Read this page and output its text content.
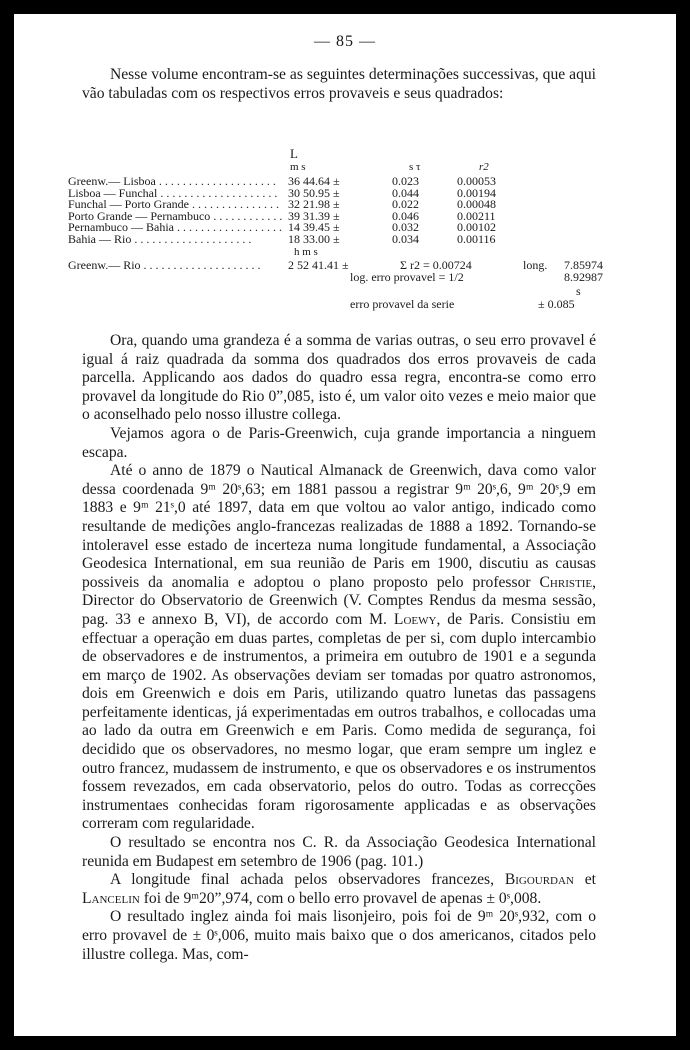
— 85 —

Nesse volume encontram-se as seguintes determinações successivas, que aqui vão tabuladas com os respectivos erros provaveis e seus quadrados:

L
m s	s τ	r2
Greenw.— Lisboa . . .	36 44.64 ±	0.023	0.00053
Lisboa — Funchal . . .	30 50.95 ±	0.044	0.00194
Funchal — Porto Grande . . .	32 21.98 ±	0.022	0.00048
Porto Grande — Pernambuco . . .	39 31.39 ±	0.046	0.00211
Pernambuco — Bahia . . .	14 39.45 ±	0.032	0.00102
Bahia — Rio . . .	18 33.00 ±	0.034	0.00116
h m s
Greenw.— Rio . . .	2 52 41.41 ±	Σ r2 = 0.00724	long. 7.85974
log. erro provavel = 1/2	8.92987
s
erro provavel da serie	± 0.085

Ora, quando uma grandeza é a somma de varias outras, o seu erro provavel é igual á raiz quadrada da somma dos quadrados dos erros provaveis de cada parcella. Applicando aos dados do quadro essa regra, encontra-se como erro provavel da longitude do Rio 0”,085, isto é, um valor oito vezes e meio maior que o aconselhado pelo nosso illustre collega.

Vejamos agora o de Paris-Greenwich, cuja grande importancia a ninguem escapa.

Até o anno de 1879 o Nautical Almanack de Greenwich, dava como valor dessa coordenada 9ᵐ 20ˢ,63; em 1881 passou a registrar 9ᵐ 20ˢ,6, 9ᵐ 20ˢ,9 em 1883 e 9ᵐ 21ˢ,0 até 1897, data em que voltou ao valor antigo, indicado como resultande de medições anglo-francezas realizadas de 1888 a 1892. Tornando-se intoleravel esse estado de incerteza numa longitude fundamental, a Associação Geodesica International, em sua reunião de Paris em 1900, discutiu as causas possiveis da anomalia e adoptou o plano proposto pelo professor Christie, Director do Observatorio de Greenwich (V. Comptes Rendus da mesma sessão, pag. 33 e annexo B, VI), de accordo com M. Loewy, de Paris. Consistiu em effectuar a operação em duas partes, completas de per si, com duplo intercambio de observadores e de instrumentos, a primeira em outubro de 1901 e a segunda em março de 1902. As observações deviam ser tomadas por quatro astronomos, dois em Greenwich e dois em Paris, utilizando quatro lunetas das passagens perfeitamente identicas, já experimentadas em outros trabalhos, e collocadas uma ao lado da outra em Greenwich e em Paris. Como medida de segurança, foi decidido que os observadores, no mesmo logar, que eram sempre um inglez e outro francez, mudassem de instrumento, e que os observadores e os instrumentos fossem revezados, em cada observatorio, pelos do outro. Todas as correcções instrumentaes conhecidas foram rigorosamente applicadas e as observações correram com regularidade.

O resultado se encontra nos C. R. da Associação Geodesica International reunida em Budapest em setembro de 1906 (pag. 101.)

A longitude final achada pelos observadores francezes, Bigourdan et Lancelin foi de 9ᵐ20”,974, com o bello erro provavel de apenas ± 0ˢ,008.

O resultado inglez ainda foi mais lisonjeiro, pois foi de 9ᵐ 20ˢ,932, com o erro provavel de ± 0ˢ,006, muito mais baixo que o dos americanos, citados pelo illustre collega. Mas, com-
